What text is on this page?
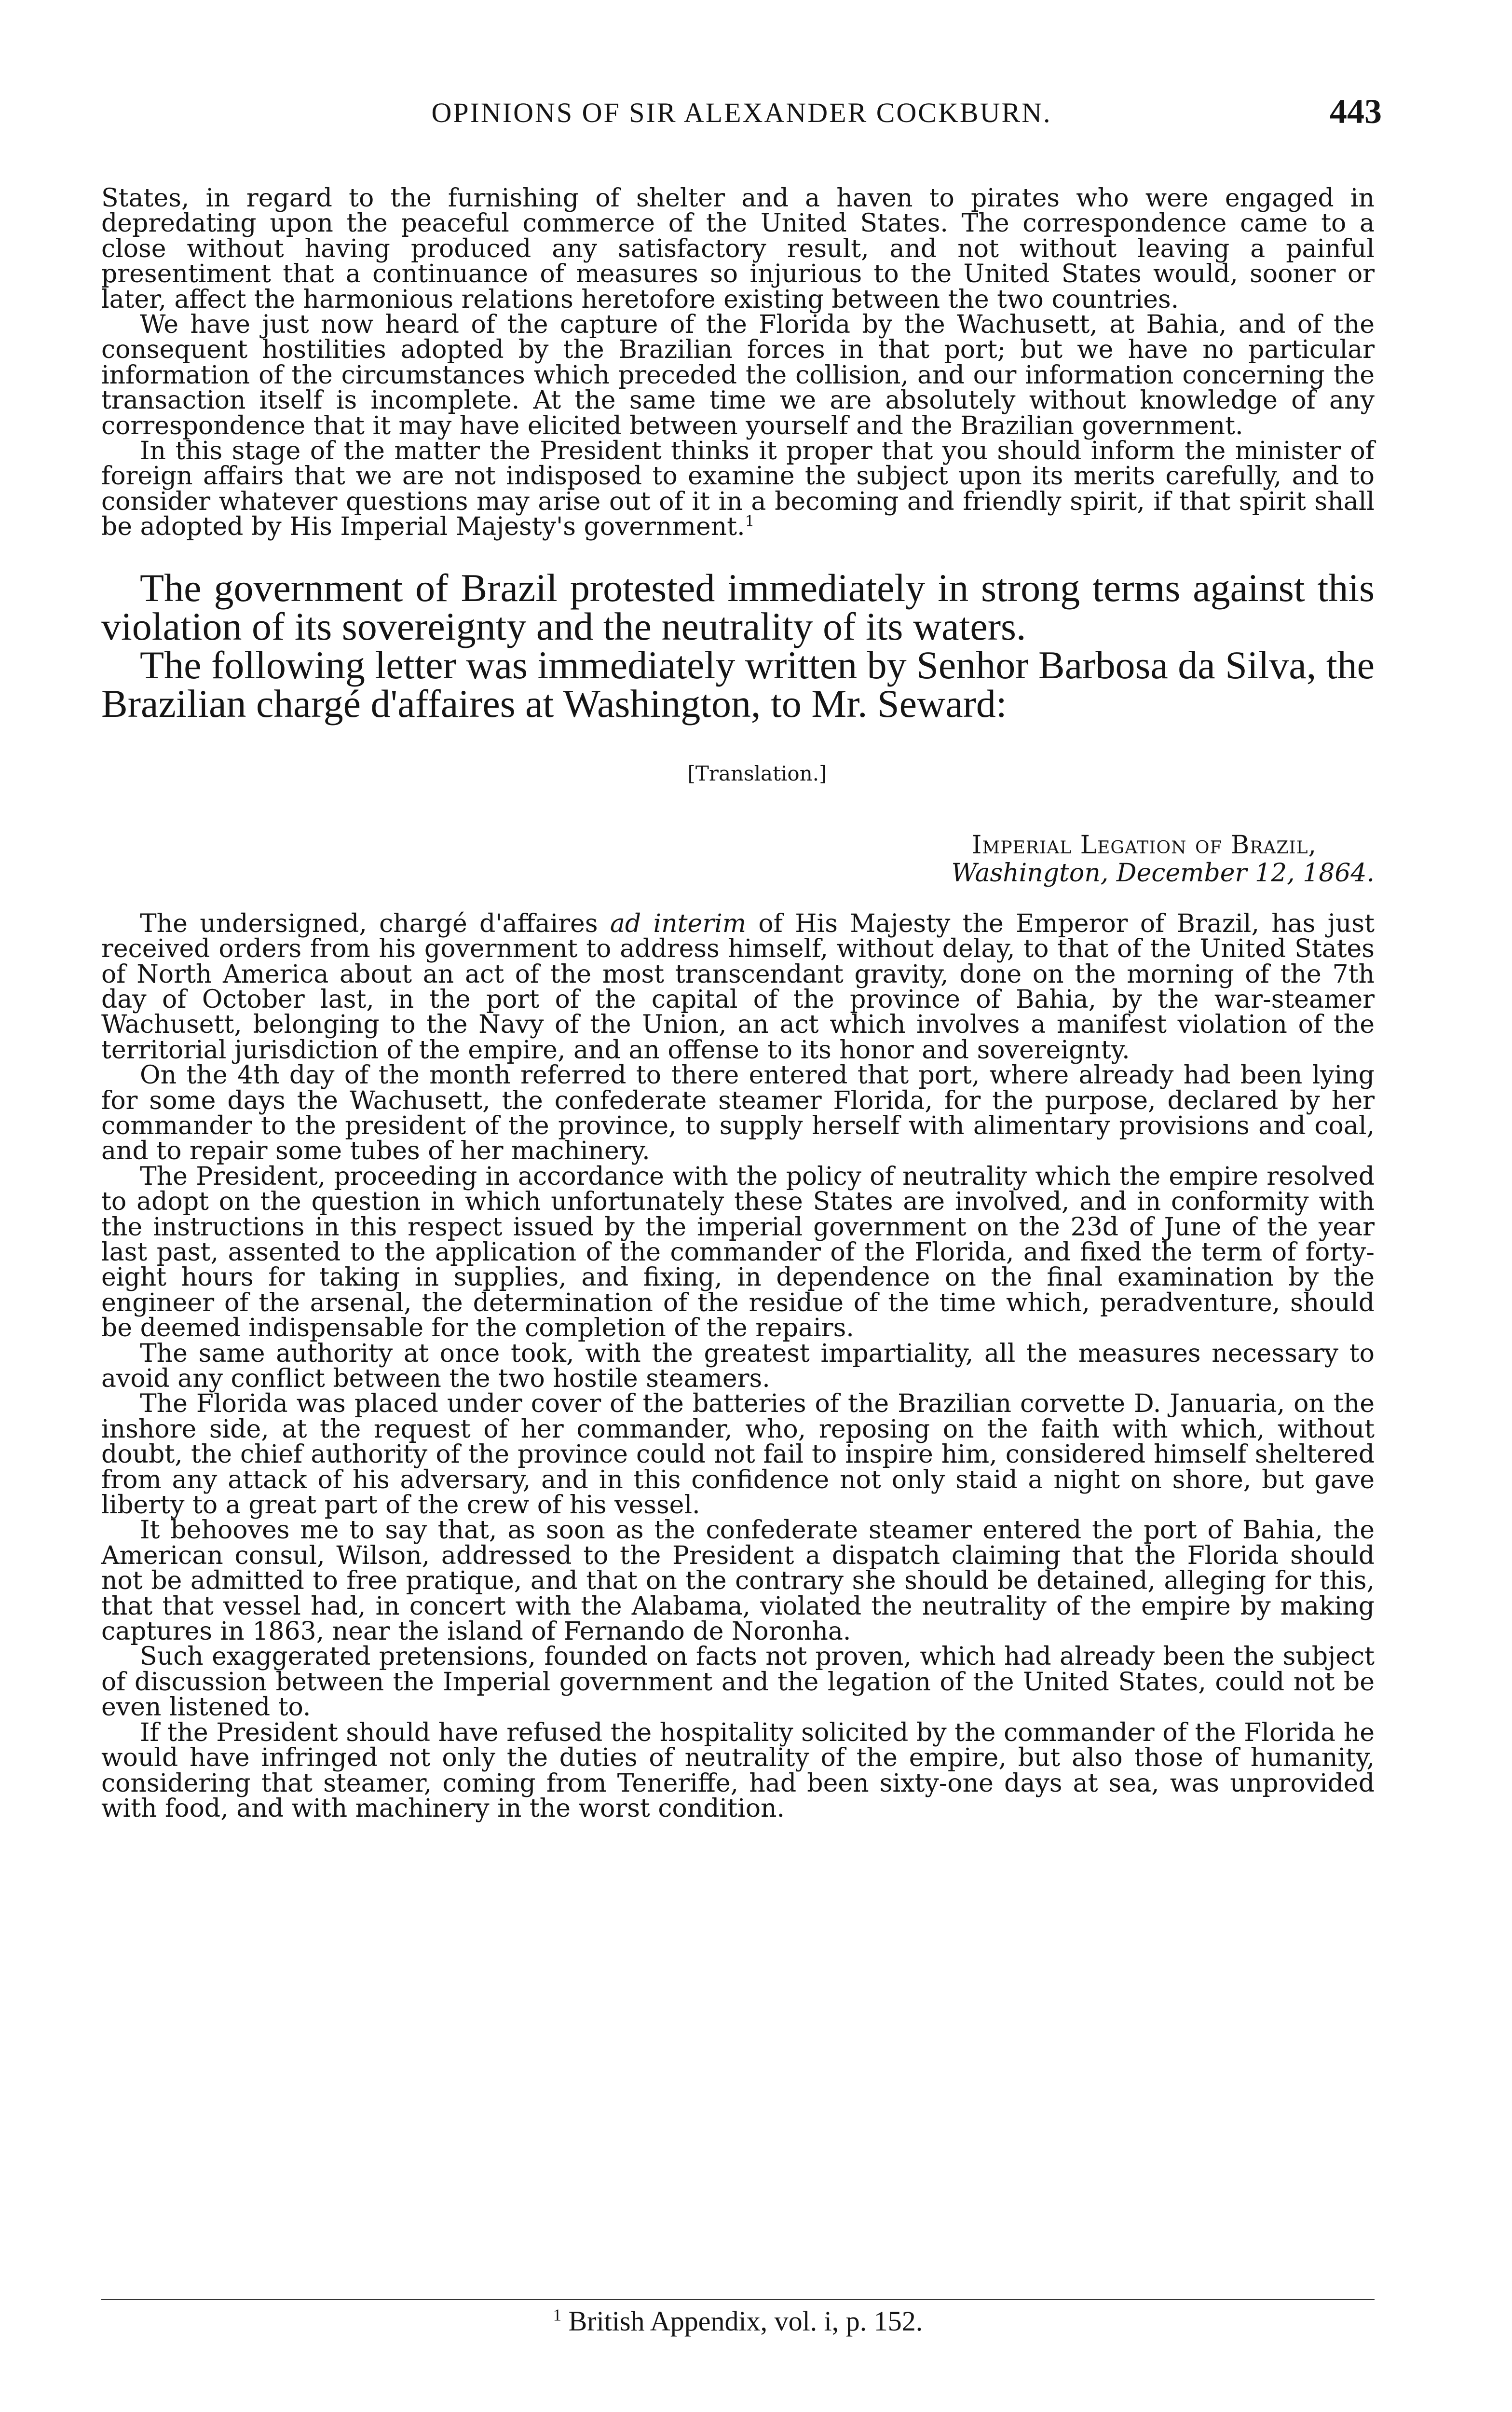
OPINIONS OF SIR ALEXANDER COCKBURN.	443

States, in regard to the furnishing of shelter and a haven to pirates who were engaged in depredating upon the peaceful commerce of the United States. The correspondence came to a close without having produced any satisfactory result, and not without leaving a painful presentiment that a continuance of measures so injurious to the United States would, sooner or later, affect the harmonious relations heretofore existing between the two countries.

We have just now heard of the capture of the Florida by the Wachusett, at Bahia, and of the consequent hostilities adopted by the Brazilian forces in that port; but we have no particular information of the circumstances which preceded the collision, and our information concerning the transaction itself is incomplete. At the same time we are absolutely without knowledge of any correspondence that it may have elicited between yourself and the Brazilian government.

In this stage of the matter the President thinks it proper that you should inform the minister of foreign affairs that we are not indisposed to examine the subject upon its merits carefully, and to consider whatever questions may arise out of it in a becoming and friendly spirit, if that spirit shall be adopted by His Imperial Majesty's government.$^1$

The government of Brazil protested immediately in strong terms against this violation of its sovereignty and the neutrality of its waters.

The following letter was immediately written by Senhor Barbosa da Silva, the Brazilian chargé d'affaires at Washington, to Mr. Seward:

[Translation.]

Imperial Legation of Brazil,
Washington, December 12, 1864.

The undersigned, chargé d'affaires ad interim of His Majesty the Emperor of Brazil, has just received orders from his government to address himself, without delay, to that of the United States of North America about an act of the most transcendant gravity, done on the morning of the 7th day of October last, in the port of the capital of the province of Bahia, by the war-steamer Wachusett, belonging to the Navy of the Union, an act which involves a manifest violation of the territorial jurisdiction of the empire, and an offense to its honor and sovereignty.

On the 4th day of the month referred to there entered that port, where already had been lying for some days the Wachusett, the confederate steamer Florida, for the purpose, declared by her commander to the president of the province, to supply herself with alimentary provisions and coal, and to repair some tubes of her machinery.

The President, proceeding in accordance with the policy of neutrality which the empire resolved to adopt on the question in which unfortunately these States are involved, and in conformity with the instructions in this respect issued by the imperial government on the 23d of June of the year last past, assented to the application of the commander of the Florida, and fixed the term of forty-eight hours for taking in supplies, and fixing, in dependence on the final examination by the engineer of the arsenal, the determination of the residue of the time which, peradventure, should be deemed indispensable for the completion of the repairs.

The same authority at once took, with the greatest impartiality, all the measures necessary to avoid any conflict between the two hostile steamers.

The Florida was placed under cover of the batteries of the Brazilian corvette D. Januaria, on the inshore side, at the request of her commander, who, reposing on the faith with which, without doubt, the chief authority of the province could not fail to inspire him, considered himself sheltered from any attack of his adversary, and in this confidence not only staid a night on shore, but gave liberty to a great part of the crew of his vessel.

It behooves me to say that, as soon as the confederate steamer entered the port of Bahia, the American consul, Wilson, addressed to the President a dispatch claiming that the Florida should not be admitted to free pratique, and that on the contrary she should be detained, alleging for this, that that vessel had, in concert with the Alabama, violated the neutrality of the empire by making captures in 1863, near the island of Fernando de Noronha.

Such exaggerated pretensions, founded on facts not proven, which had already been the subject of discussion between the Imperial government and the legation of the United States, could not be even listened to.

If the President should have refused the hospitality solicited by the commander of the Florida he would have infringed not only the duties of neutrality of the empire, but also those of humanity, considering that steamer, coming from Teneriffe, had been sixty-one days at sea, was unprovided with food, and with machinery in the worst condition.

$^1$ British Appendix, vol. i, p. 152.
